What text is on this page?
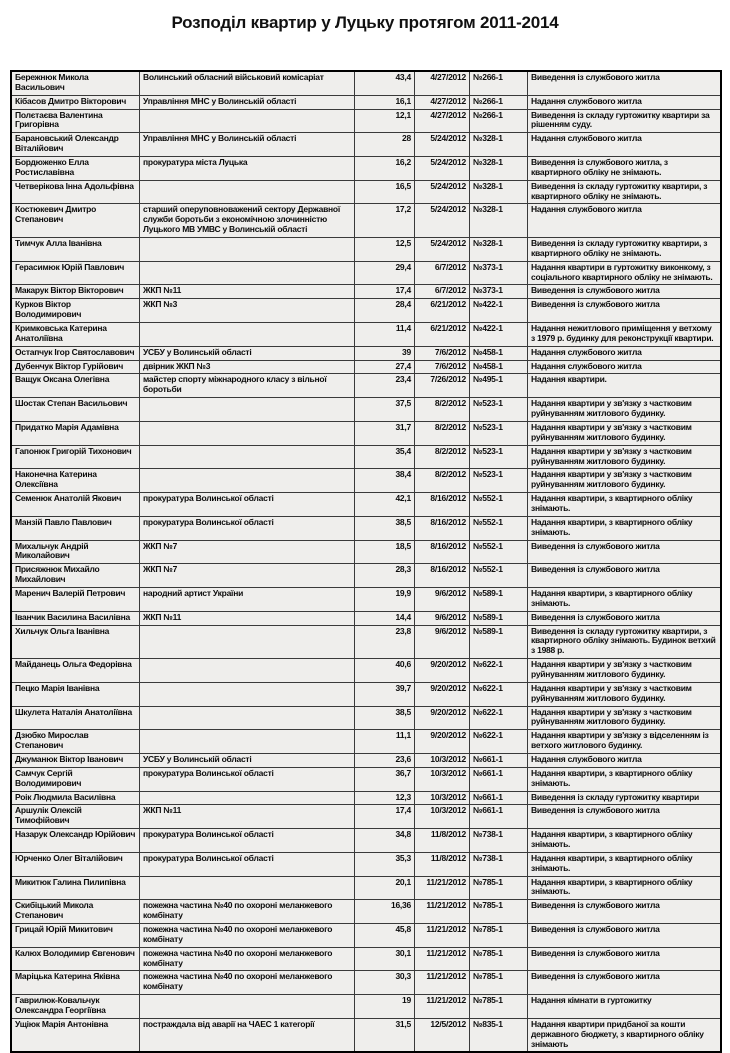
Розподіл квартир у Луцьку протягом 2011-2014
Бережнюк Микола Васильович	Волинський обласний військовий комісаріат	43,4	4/27/2012	№266-1	Виведення із службового житла
Кібасов Дмитро Вікторович	Управління МНС у Волинській області	16,1	4/27/2012	№266-1	Надання службового житла
Полєтаєва Валентина Григорівна		12,1	4/27/2012	№266-1	Виведення із складу гуртожитку квартири за рішенням суду.
Барановський Олександр Віталійович	Управління МНС у Волинській області	28	5/24/2012	№328-1	Надання службового житла
Бордюженко Елла Ростиславівна	прокуратура міста Луцька	16,2	5/24/2012	№328-1	Виведення із службового житла, з квартирного обліку не знімають.
Четверікова Інна Адольфівна		16,5	5/24/2012	№328-1	Виведення із складу гуртожитку квартири, з квартирного обліку не знімають.
Костюкевич Дмитро Степанович	старший оперуповноважений сектору Державної служби боротьби з економічною злочинністю Луцького МВ УМВС у Волинській області	17,2	5/24/2012	№328-1	Надання службового житла
Тимчук Алла Іванівна		12,5	5/24/2012	№328-1	Виведення із складу гуртожитку квартири, з квартирного обліку не знімають.
Герасимюк Юрій Павлович		29,4	6/7/2012	№373-1	Надання квартири в гуртожитку виконкому, з соціального квартирного обліку не знімають.
Макарук Віктор Вікторович	ЖКП №11	17,4	6/7/2012	№373-1	Виведення із службового житла
Курков Віктор Володимирович	ЖКП №3	28,4	6/21/2012	№422-1	Виведення із службового житла
Кримковська Катерина Анатоліївна		11,4	6/21/2012	№422-1	Надання нежитлового приміщення у ветхому з 1979 р. будинку для реконструкції квартири.
Остапчук Ігор Святославович	УСБУ у Волинській області	39	7/6/2012	№458-1	Надання службового житла
Дубенчук Віктор Гурійович	двірник ЖКП №3	27,4	7/6/2012	№458-1	Надання службового житла
Ващук Оксана Олегівна	майстер спорту міжнародного класу з вільної боротьби	23,4	7/26/2012	№495-1	Надання квартири.
Шостак Степан Васильович		37,5	8/2/2012	№523-1	Надання квартири у зв'язку з частковим руйнуванням житлового будинку.
Придатко Марія Адамівна		31,7	8/2/2012	№523-1	Надання квартири у зв'язку з частковим руйнуванням житлового будинку.
Гапонюк Григорій Тихонович		35,4	8/2/2012	№523-1	Надання квартири у зв'язку з частковим руйнуванням житлового будинку.
Наконечна Катерина Олексіївна		38,4	8/2/2012	№523-1	Надання квартири у зв'язку з частковим руйнуванням житлового будинку.
Семенюк Анатолій Якович	прокуратура Волинської області	42,1	8/16/2012	№552-1	Надання квартири, з квартирного обліку знімають.
Манзій Павло Павлович	прокуратура Волинської області	38,5	8/16/2012	№552-1	Надання квартири, з квартирного обліку знімають.
Михальчук Андрій Миколайович	ЖКП №7	18,5	8/16/2012	№552-1	Виведення із службового житла
Присяжнюк Михайло Михайлович	ЖКП №7	28,3	8/16/2012	№552-1	Виведення із службового житла
Маренич Валерій Петрович	народний артист України	19,9	9/6/2012	№589-1	Надання квартири, з квартирного обліку знімають.
Іванчик Василина Василівна	ЖКП №11	14,4	9/6/2012	№589-1	Виведення із службового житла
Хильчук Ольга Іванівна		23,8	9/6/2012	№589-1	Виведення із складу гуртожитку квартири, з квартирного обліку знімають. Будинок ветхий з 1988 р.
Майданець Ольга Федорівна		40,6	9/20/2012	№622-1	Надання квартири у зв'язку з частковим руйнуванням житлового будинку.
Пецко Марія Іванівна		39,7	9/20/2012	№622-1	Надання квартири у зв'язку з частковим руйнуванням житлового будинку.
Шкулета Наталія Анатоліївна		38,5	9/20/2012	№622-1	Надання квартири у зв'язку з частковим руйнуванням житлового будинку.
Дзюбко Мирослав Степанович		11,1	9/20/2012	№622-1	Надання квартири у зв'язку з відселенням із ветхого житлового будинку.
Джуманюк Віктор Іванович	УСБУ у Волинській області	23,6	10/3/2012	№661-1	Надання службового житла
Самчук Сергій Володимирович	прокуратура Волинської області	36,7	10/3/2012	№661-1	Надання квартири, з квартирного обліку знімають.
Роік Людмила Василівна		12,3	10/3/2012	№661-1	Виведення із складу гуртожитку квартири
Аршулік Олексій Тимофійович	ЖКП №11	17,4	10/3/2012	№661-1	Виведення із службового житла
Назарук Олександр Юрійович	прокуратура Волинської області	34,8	11/8/2012	№738-1	Надання квартири, з квартирного обліку знімають.
Юрченко Олег Віталійович	прокуратура Волинської області	35,3	11/8/2012	№738-1	Надання квартири, з квартирного обліку знімають.
Микитюк Галина Пилипівна		20,1	11/21/2012	№785-1	Надання квартири, з квартирного обліку знімають.
Скибіцький Микола Степанович	пожежна частина №40 по охороні меланжевого комбінату	16,36	11/21/2012	№785-1	Виведення із службового житла
Грицай Юрій Микитович	пожежна частина №40 по охороні меланжевого комбінату	45,8	11/21/2012	№785-1	Виведення із службового житла
Калюх Володимир Євгенович	пожежна частина №40 по охороні меланжевого комбінату	30,1	11/21/2012	№785-1	Виведення із службового житла
Маріцька Катерина Яківна	пожежна частина №40 по охороні меланжевого комбінату	30,3	11/21/2012	№785-1	Виведення із службового житла
Гаврилюк-Ковальчук Олександра Георгіївна		19	11/21/2012	№785-1	Надання кімнати в гуртожитку
Ущіюк Марія Антонівна	постраждала від аварії на ЧАЕС 1 категорії	31,5	12/5/2012	№835-1	Надання квартири придбаної за кошти державного бюджету, з квартирного обліку знімають
